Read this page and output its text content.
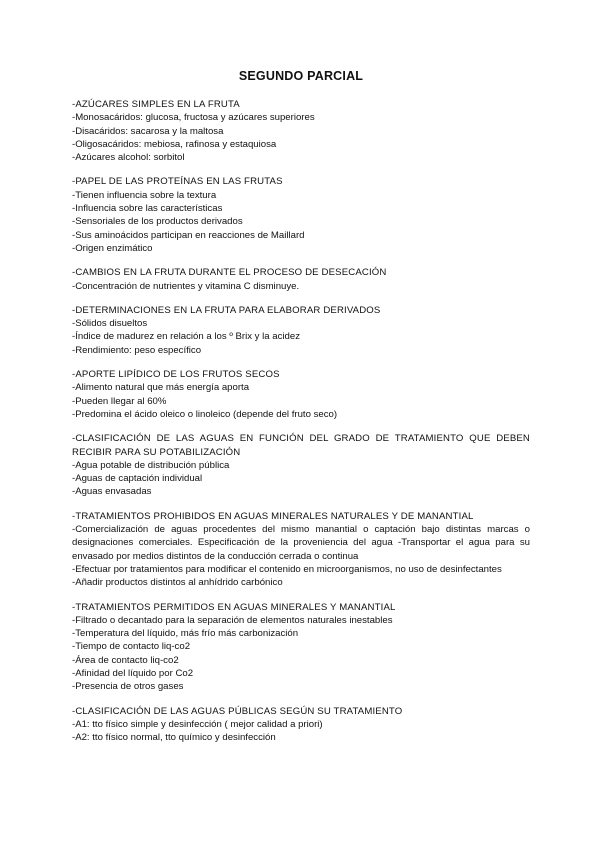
SEGUNDO PARCIAL
-AZÚCARES SIMPLES EN LA FRUTA
-Monosacáridos: glucosa, fructosa y azúcares superiores
-Disacáridos: sacarosa y la maltosa
-Oligosacáridos: mebiosa, rafinosa y estaquiosa
-Azúcares alcohol: sorbitol
-PAPEL DE LAS PROTEÍNAS EN LAS FRUTAS
-Tienen influencia sobre la textura
-Influencia sobre las características
-Sensoriales de los productos derivados
-Sus aminoácidos participan en reacciones de Maillard
-Origen enzimático
-CAMBIOS EN LA FRUTA DURANTE EL PROCESO DE DESECACIÓN
-Concentración de nutrientes y vitamina C disminuye.
-DETERMINACIONES EN LA FRUTA PARA ELABORAR DERIVADOS
-Sólidos disueltos
-Índice de madurez en relación a los º Brix y la acidez
-Rendimiento: peso específico
-APORTE LIPÍDICO DE LOS FRUTOS SECOS
-Alimento natural que más energía aporta
-Pueden llegar al 60%
-Predomina el ácido oleico o linoleico (depende del fruto seco)
-CLASIFICACIÓN DE LAS AGUAS EN FUNCIÓN DEL GRADO DE TRATAMIENTO QUE DEBEN RECIBIR PARA SU POTABILIZACIÓN
-Agua potable de distribución pública
-Aguas de captación individual
-Aguas envasadas
-TRATAMIENTOS PROHIBIDOS EN AGUAS MINERALES NATURALES Y DE MANANTIAL
-Comercialización de aguas procedentes del mismo manantial o captación bajo distintas marcas o designaciones comerciales. Especificación de la proveniencia del agua -Transportar el agua para su envasado por medios distintos de la conducción cerrada o continua
-Efectuar por tratamientos para modificar el contenido en microorganismos, no uso de desinfectantes
-Añadir productos distintos al anhídrido carbónico
-TRATAMIENTOS PERMITIDOS EN AGUAS MINERALES Y MANANTIAL
-Filtrado o decantado para la separación de elementos naturales inestables
-Temperatura del líquido, más frío más carbonización
-Tiempo de contacto liq-co2
-Área de contacto liq-co2
-Afinidad del líquido por Co2
-Presencia de otros gases
-CLASIFICACIÓN DE LAS AGUAS PÚBLICAS SEGÚN SU TRATAMIENTO
-A1: tto físico simple y desinfección ( mejor calidad a priori)
-A2: tto físico normal, tto químico y desinfección
